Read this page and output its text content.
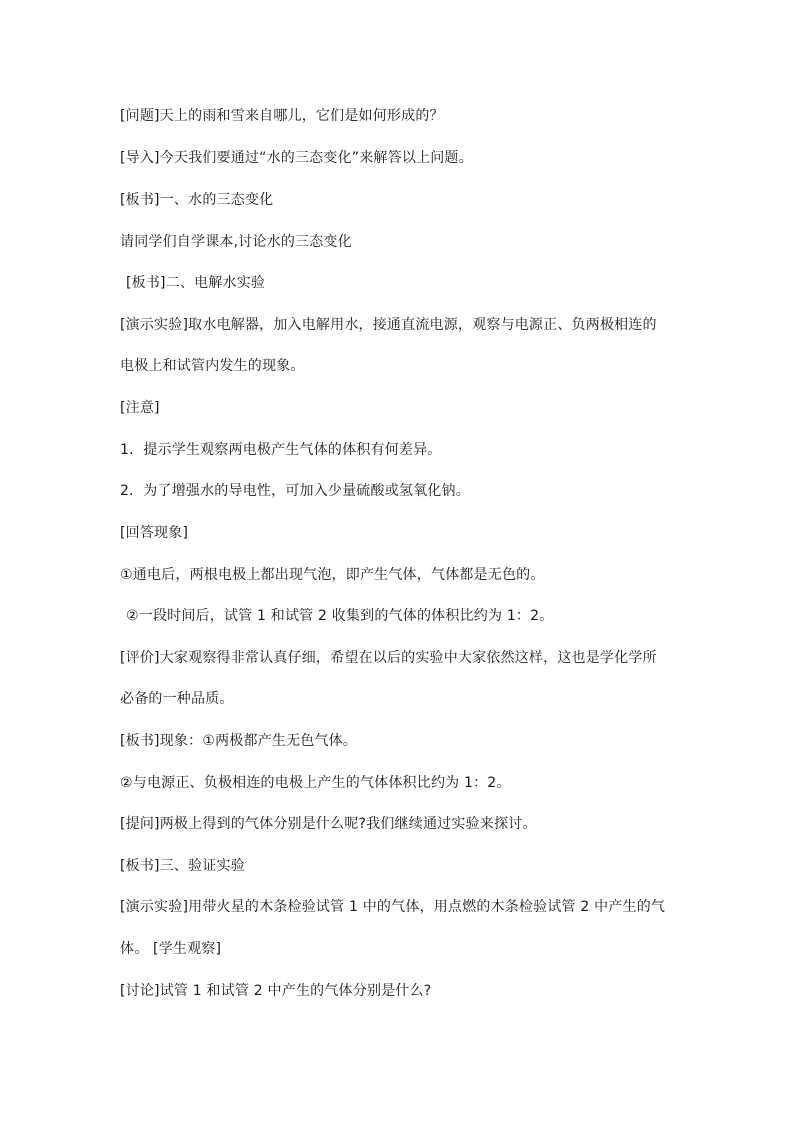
[问题]天上的雨和雪来自哪儿，它们是如何形成的？
[导入]今天我们要通过“水的三态变化”来解答以上问题。
[板书]一、水的三态变化
请同学们自学课本,讨论水的三态变化
[板书]二、电解水实验
[演示实验]取水电解器，加入电解用水，接通直流电源，观察与电源正、负两极相连的
电极上和试管内发生的现象。
[注意]
1．提示学生观察两电极产生气体的体积有何差异。
2．为了增强水的导电性，可加入少量硫酸或氢氧化钠。
[回答现象]
①通电后，两根电极上都出现气泡，即产生气体，气体都是无色的。
②一段时间后，试管 1 和试管 2 收集到的气体的体积比约为 1：2。
[评价]大家观察得非常认真仔细，希望在以后的实验中大家依然这样，这也是学化学所
必备的一种品质。
[板书]现象：①两极都产生无色气体。
②与电源正、负极相连的电极上产生的气体体积比约为 1：2。
[提问]两极上得到的气体分别是什么呢?我们继续通过实验来探讨。
[板书]三、验证实验
[演示实验]用带火星的木条检验试管 1 中的气体，用点燃的木条检验试管 2 中产生的气
体。 [学生观察]
[讨论]试管 1 和试管 2 中产生的气体分别是什么?
